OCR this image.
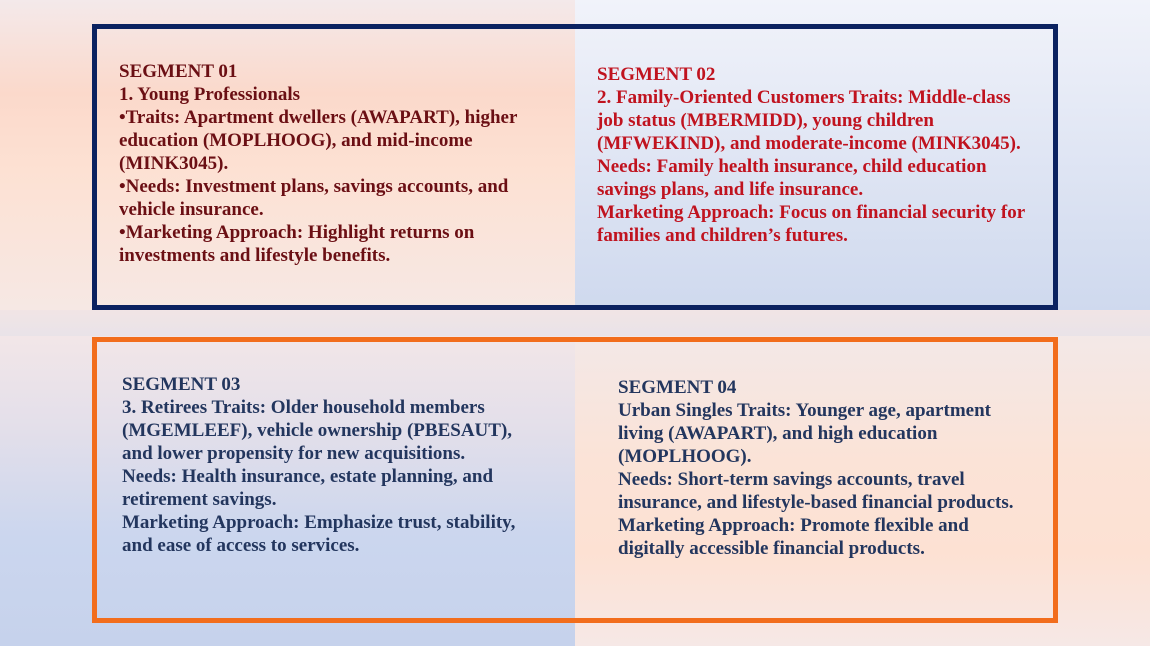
SEGMENT 01
1. Young Professionals
•Traits: Apartment dwellers (AWAPART), higher education (MOPLHOOG), and mid-income (MINK3045).
•Needs: Investment plans, savings accounts, and vehicle insurance.
•Marketing Approach: Highlight returns on investments and lifestyle benefits.
SEGMENT 02
2. Family-Oriented Customers Traits: Middle-class job status (MBERMIDD), young children (MFWEKIND), and moderate-income (MINK3045).
Needs: Family health insurance, child education savings plans, and life insurance.
Marketing Approach: Focus on financial security for families and children’s futures.
SEGMENT 03
3. Retirees Traits: Older household members (MGEMLEEF), vehicle ownership (PBESAUT), and lower propensity for new acquisitions.
Needs: Health insurance, estate planning, and retirement savings.
Marketing Approach: Emphasize trust, stability, and ease of access to services.
SEGMENT 04
Urban Singles Traits: Younger age, apartment living (AWAPART), and high education (MOPLHOOG).
Needs: Short-term savings accounts, travel insurance, and lifestyle-based financial products.
Marketing Approach: Promote flexible and digitally accessible financial products.
